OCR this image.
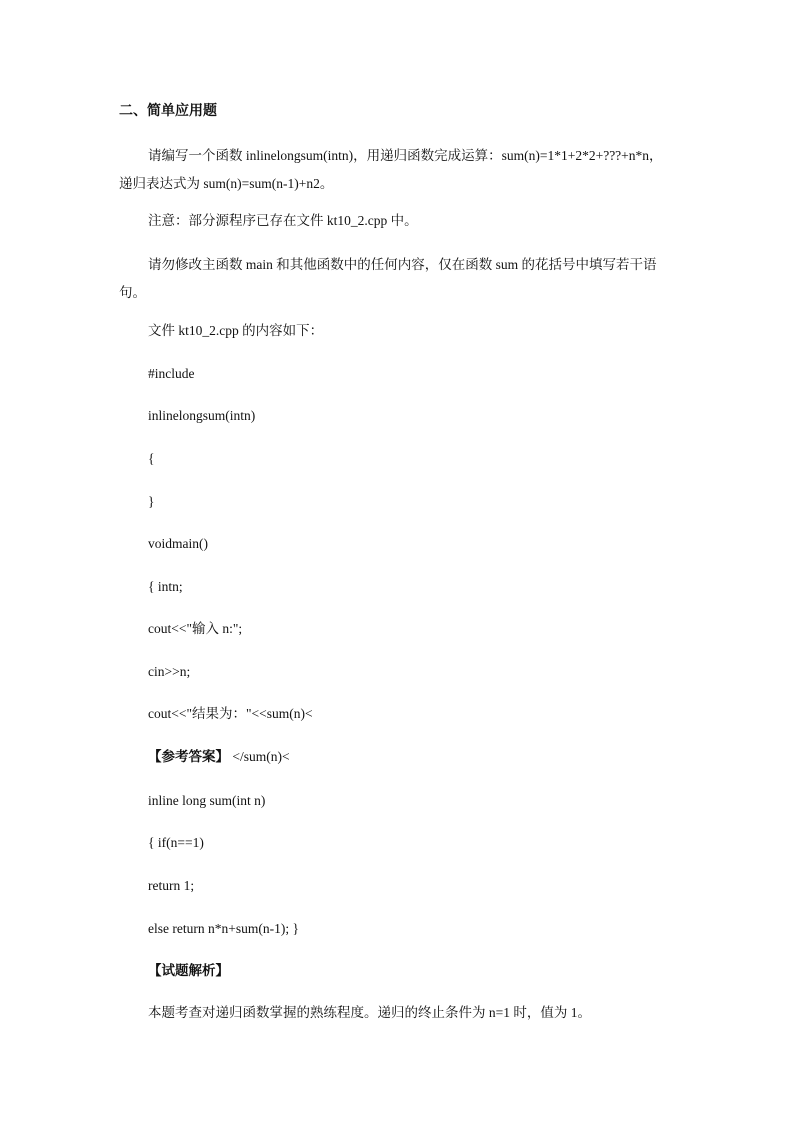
二、简单应用题
请编写一个函数 inlinelongsum(intn)，用递归函数完成运算：sum(n)=1*1+2*2+???+n*n，递归表达式为 sum(n)=sum(n-1)+n2。
注意：部分源程序已存在文件 kt10_2.cpp 中。
请勿修改主函数 main 和其他函数中的任何内容，仅在函数 sum 的花括号中填写若干语句。
文件 kt10_2.cpp 的内容如下：
#include
inlinelongsum(intn)
{
}
voidmain()
{ intn;
cout<<"输入 n:";
cin>>n;
cout<<"结果为："<<sum(n)<
【参考答案】 </sum(n)<
inline long sum(int n)
{ if(n==1)
return 1;
else return n*n+sum(n-1); }
【试题解析】
本题考查对递归函数掌握的熟练程度。递归的终止条件为 n=1 时，值为 1。
